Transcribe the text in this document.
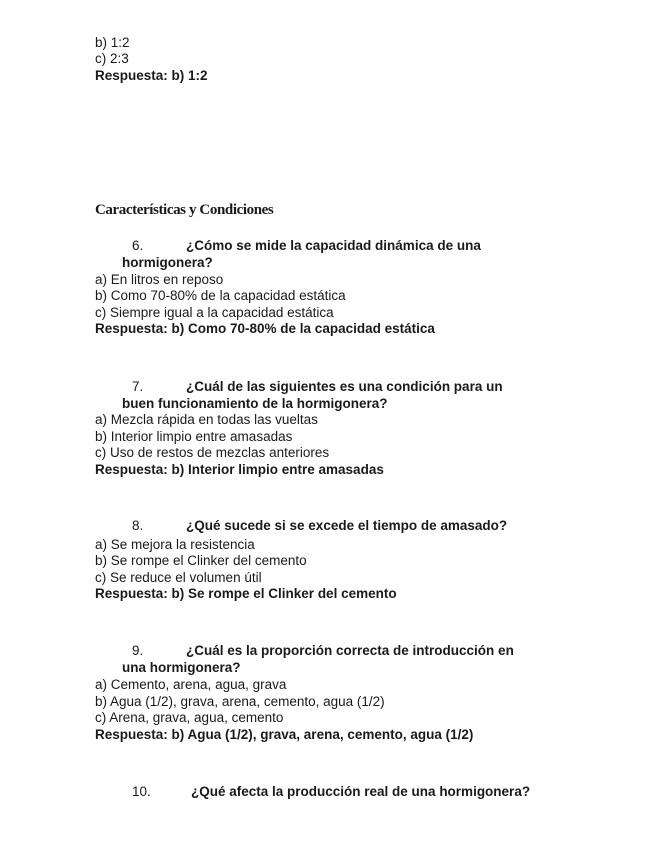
b) 1:2
c) 2:3
Respuesta: b) 1:2
Características y Condiciones
6.	¿Cómo se mide la capacidad dinámica de una
hormigonera?
a) En litros en reposo
b) Como 70-80% de la capacidad estática
c) Siempre igual a la capacidad estática
Respuesta: b) Como 70-80% de la capacidad estática
7.	¿Cuál de las siguientes es una condición para un
buen funcionamiento de la hormigonera?
a) Mezcla rápida en todas las vueltas
b) Interior limpio entre amasadas
c) Uso de restos de mezclas anteriores
Respuesta: b) Interior limpio entre amasadas
8.	¿Qué sucede si se excede el tiempo de amasado?
a) Se mejora la resistencia
b) Se rompe el Clinker del cemento
c) Se reduce el volumen útil
Respuesta: b) Se rompe el Clinker del cemento
9.	¿Cuál es la proporción correcta de introducción en
una hormigonera?
a) Cemento, arena, agua, grava
b) Agua (1/2), grava, arena, cemento, agua (1/2)
c) Arena, grava, agua, cemento
Respuesta: b) Agua (1/2), grava, arena, cemento, agua (1/2)
10.	¿Qué afecta la producción real de una hormigonera?
